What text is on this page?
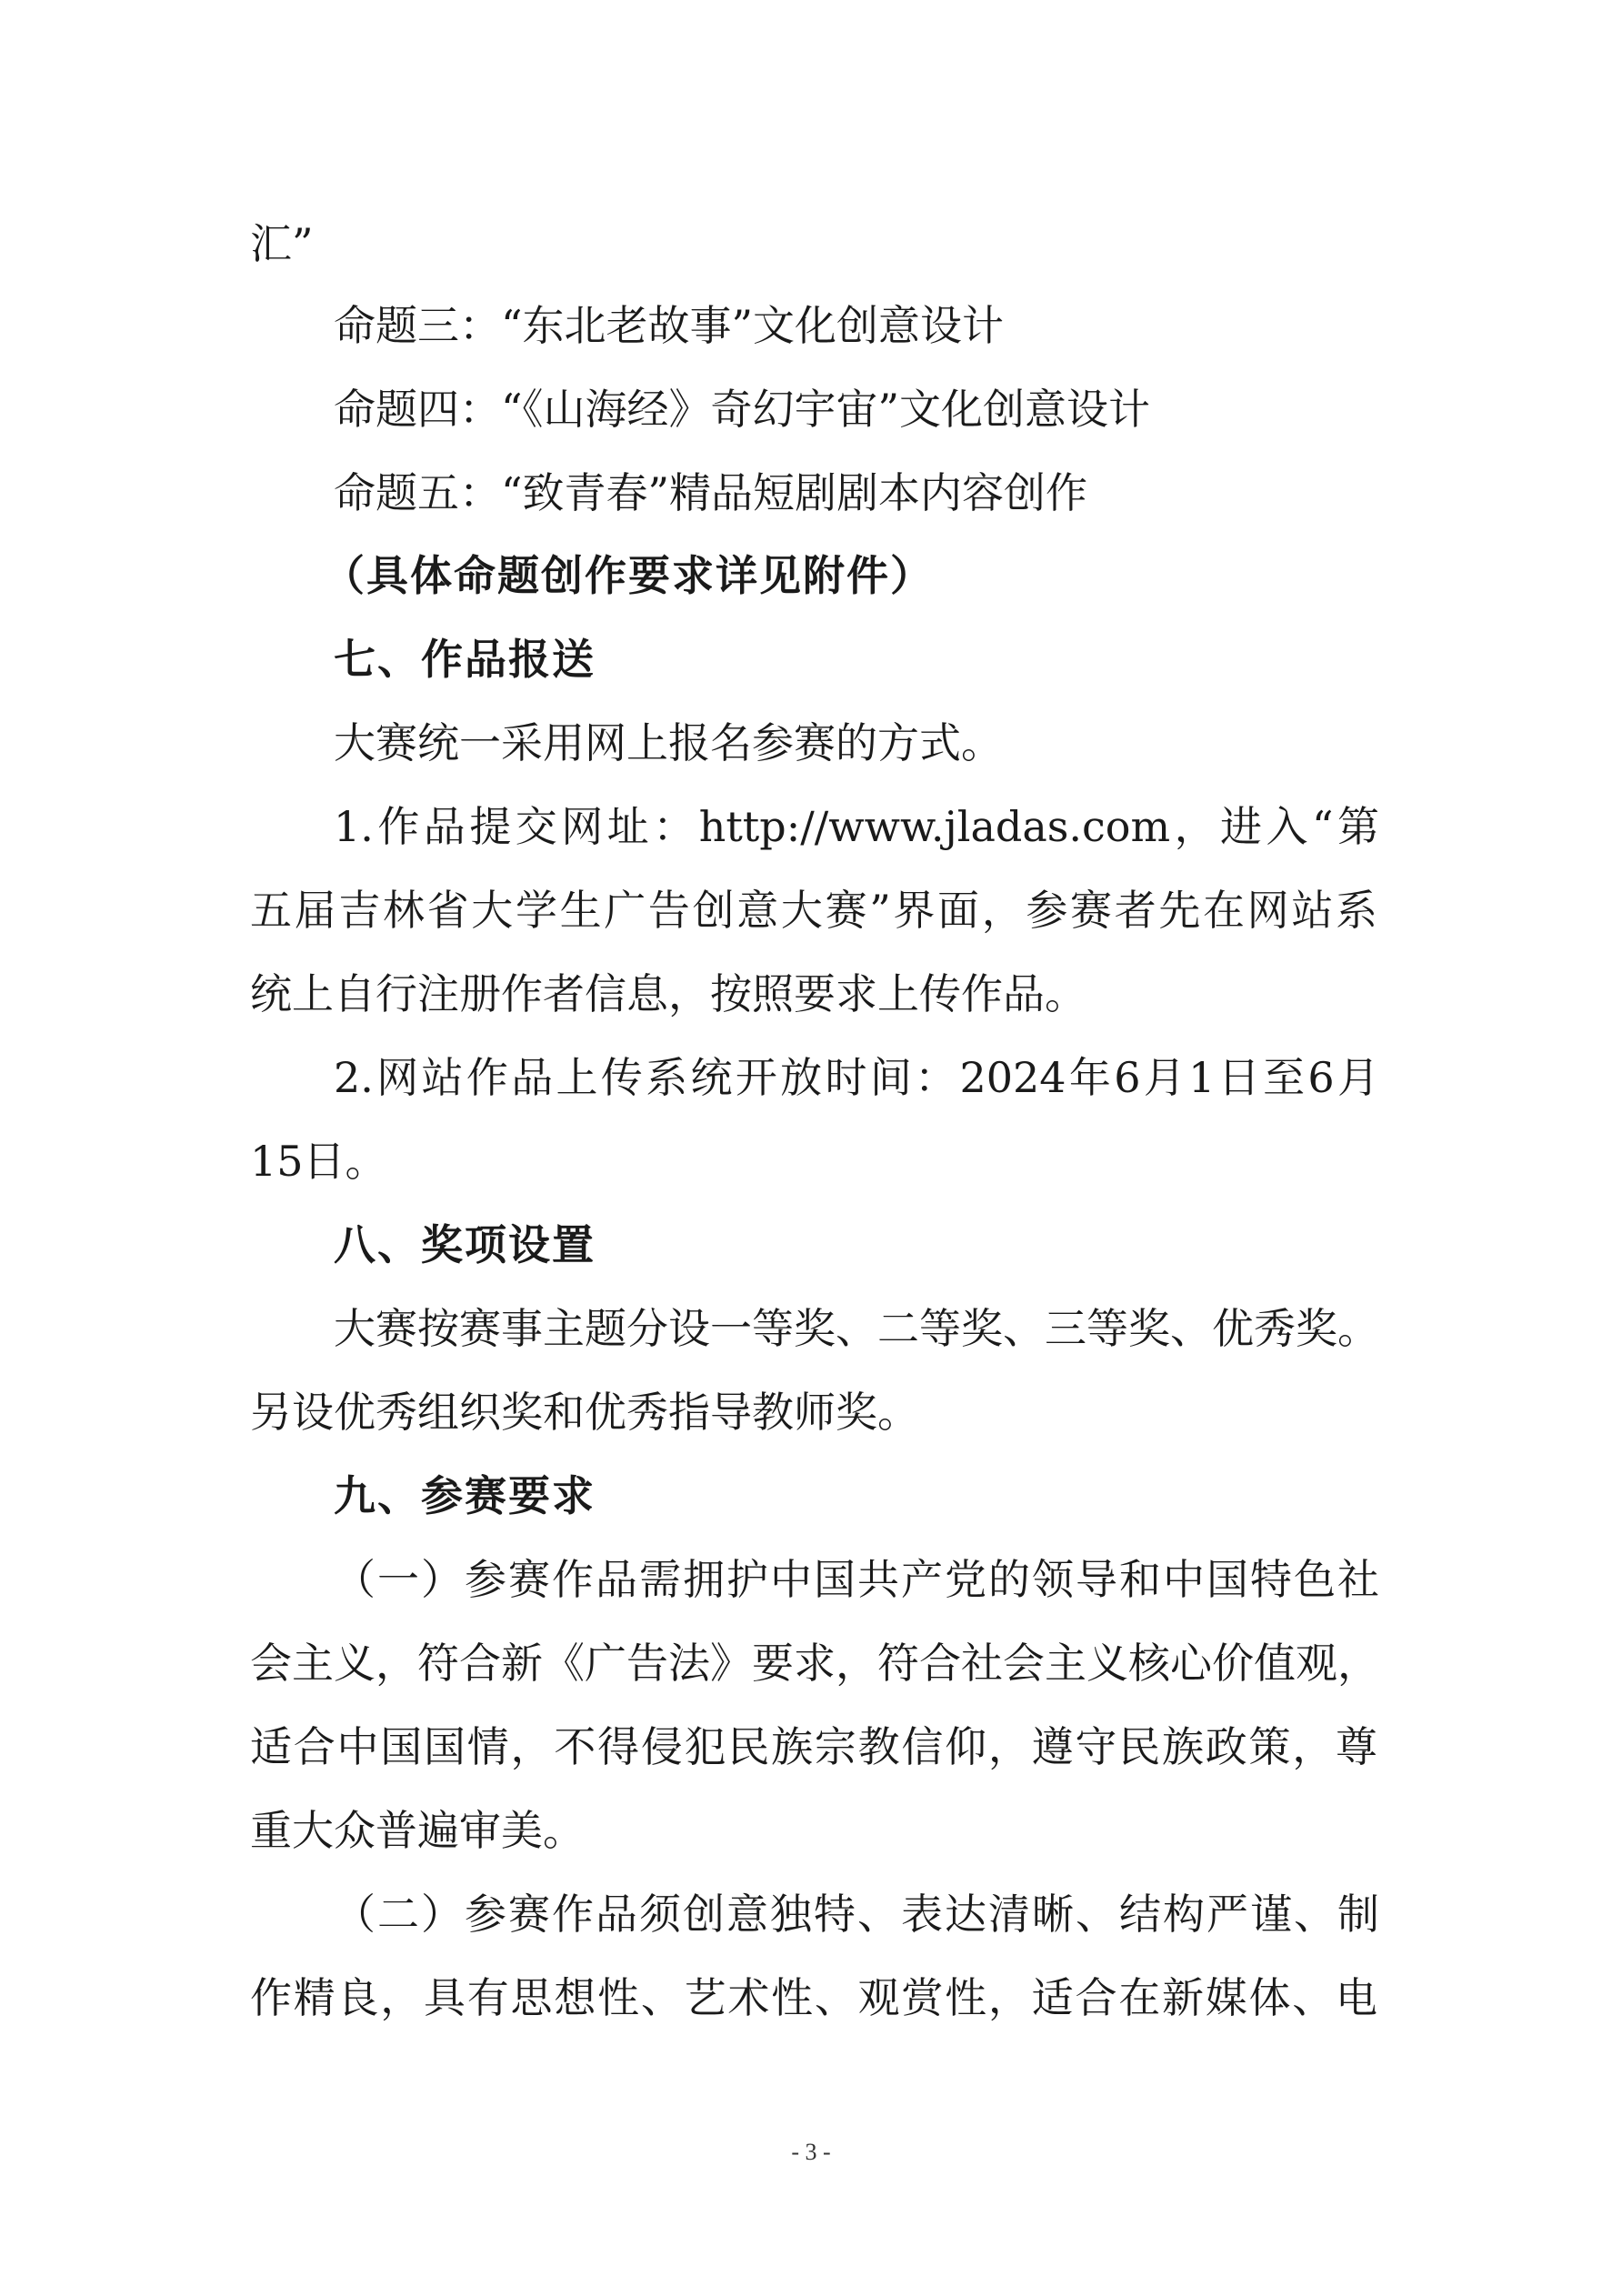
汇”
命题三：“东北老故事”文化创意设计
命题四：“《山海经》奇幻宇宙”文化创意设计
命题五：“致青春”精品短剧剧本内容创作
（具体命题创作要求详见附件）
七、作品报送
大赛统一采用网上报名参赛的方式。
1.作品提交网址：http://www.jladas.com，进入“第
五届吉林省大学生广告创意大赛”界面，参赛者先在网站系
统上自行注册作者信息，按照要求上传作品。
2.网站作品上传系统开放时间：2024年6月1日至6月
15日。
八、奖项设置
大赛按赛事主题分设一等奖、二等奖、三等奖、优秀奖。
另设优秀组织奖和优秀指导教师奖。
九、参赛要求
（一）参赛作品需拥护中国共产党的领导和中国特色社
会主义，符合新《广告法》要求，符合社会主义核心价值观，
适合中国国情，不得侵犯民族宗教信仰，遵守民族政策，尊
重大众普遍审美。
（二）参赛作品须创意独特、表达清晰、结构严谨、制
作精良，具有思想性、艺术性、观赏性，适合在新媒体、电
- 3 -
